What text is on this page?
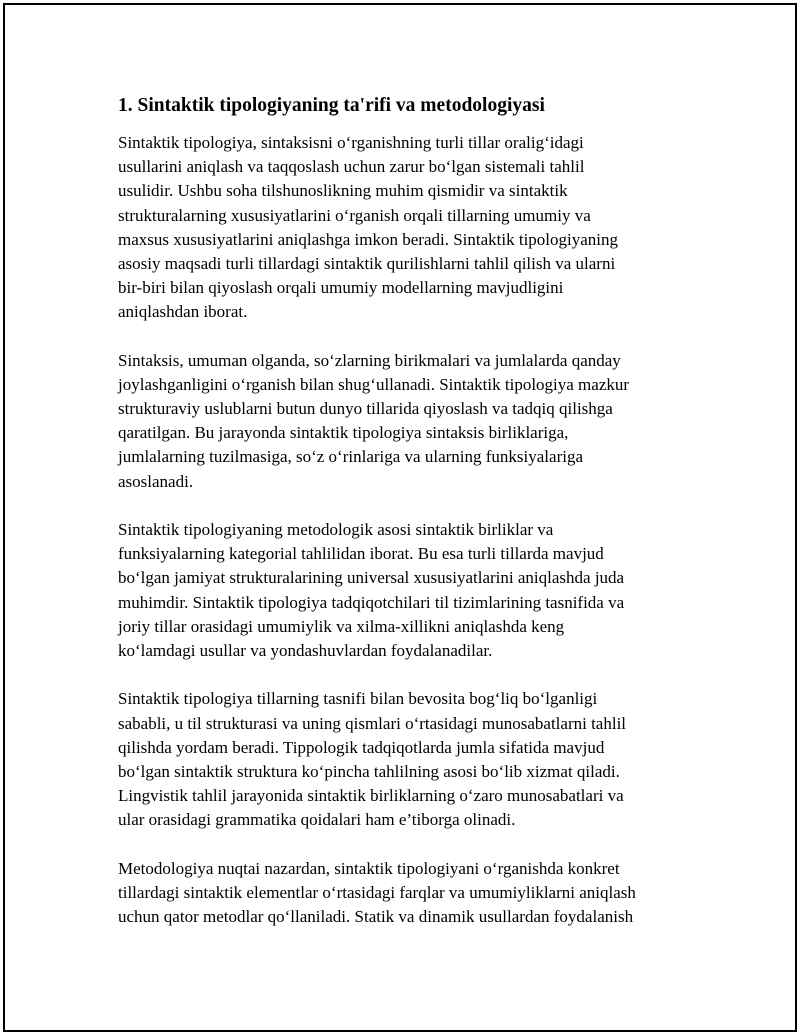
1. Sintaktik tipologiyaning ta'rifi va metodologiyasi
Sintaktik tipologiya, sintaksisni o‘rganishning turli tillar oralig‘idagi
usullarini aniqlash va taqqoslash uchun zarur bo‘lgan sistemali tahlil
usulidir. Ushbu soha tilshunoslikning muhim qismidir va sintaktik
strukturalarning xususiyatlarini o‘rganish orqali tillarning umumiy va
maxsus xususiyatlarini aniqlashga imkon beradi. Sintaktik tipologiyaning
asosiy maqsadi turli tillardagi sintaktik qurilishlarni tahlil qilish va ularni
bir-biri bilan qiyoslash orqali umumiy modellarning mavjudligini
aniqlashdan iborat.
Sintaksis, umuman olganda, so‘zlarning birikmalari va jumlalarda qanday
joylashganligini o‘rganish bilan shug‘ullanadi. Sintaktik tipologiya mazkur
strukturaviy uslublarni butun dunyo tillarida qiyoslash va tadqiq qilishga
qaratilgan. Bu jarayonda sintaktik tipologiya sintaksis birliklariga,
jumlalarning tuzilmasiga, so‘z o‘rinlariga va ularning funksiyalariga
asoslanadi.
Sintaktik tipologiyaning metodologik asosi sintaktik birliklar va
funksiyalarning kategorial tahlilidan iborat. Bu esa turli tillarda mavjud
bo‘lgan jamiyat strukturalarining universal xususiyatlarini aniqlashda juda
muhimdir. Sintaktik tipologiya tadqiqotchilari til tizimlarining tasnifida va
joriy tillar orasidagi umumiylik va xilma-xillikni aniqlashda keng
ko‘lamdagi usullar va yondashuvlardan foydalanadilar.
Sintaktik tipologiya tillarning tasnifi bilan bevosita bog‘liq bo‘lganligi
sababli, u til strukturasi va uning qismlari o‘rtasidagi munosabatlarni tahlil
qilishda yordam beradi. Tippologik tadqiqotlarda jumla sifatida mavjud
bo‘lgan sintaktik struktura ko‘pincha tahlilning asosi bo‘lib xizmat qiladi.
Lingvistik tahlil jarayonida sintaktik birliklarning o‘zaro munosabatlari va
ular orasidagi grammatika qoidalari ham e’tiborga olinadi.
Metodologiya nuqtai nazardan, sintaktik tipologiyani o‘rganishda konkret
tillardagi sintaktik elementlar o‘rtasidagi farqlar va umumiyliklarni aniqlash
uchun qator metodlar qo‘llaniladi. Statik va dinamik usullardan foydalanish
